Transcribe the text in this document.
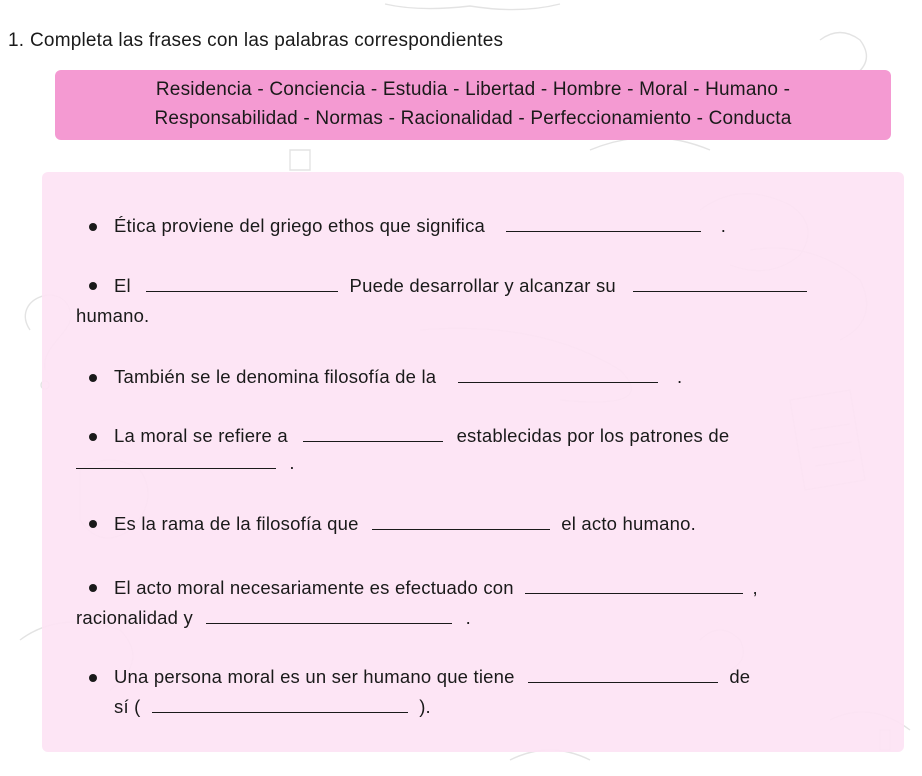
1. Completa las frases con las palabras correspondientes
Residencia - Conciencia - Estudia - Libertad - Hombre - Moral - Humano -
Responsabilidad - Normas - Racionalidad - Perfeccionamiento - Conducta
Ética proviene del griego ethos que significa	.
El	Puede desarrollar y alcanzar su
humano.
También se le denomina filosofía de la	.
La moral se refiere a	establecidas por los patrones de
.
Es la rama de la filosofía que	el acto humano.
El acto moral necesariamente es efectuado con	,
racionalidad y	.
Una persona moral es un ser humano que tiene	de
sí (	).
